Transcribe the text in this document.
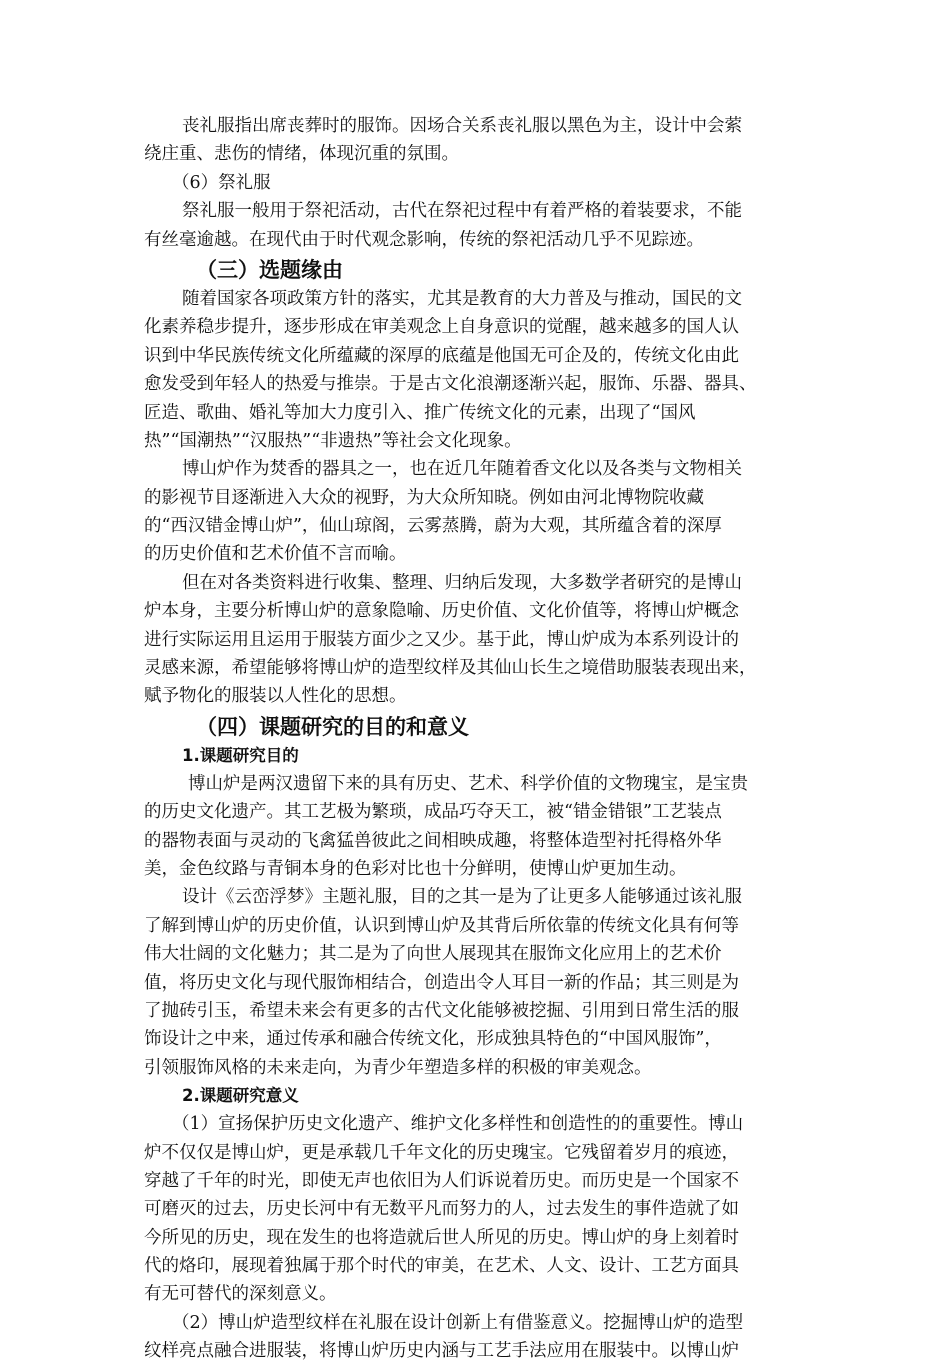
丧礼服指出席丧葬时的服饰。因场合关系丧礼服以黑色为主，设计中会萦
绕庄重、悲伤的情绪，体现沉重的氛围。
（6）祭礼服
祭礼服一般用于祭祀活动，古代在祭祀过程中有着严格的着装要求，不能
有丝毫逾越。在现代由于时代观念影响，传统的祭祀活动几乎不见踪迹。
（三）选题缘由
随着国家各项政策方针的落实，尤其是教育的大力普及与推动，国民的文
化素养稳步提升，逐步形成在审美观念上自身意识的觉醒，越来越多的国人认
识到中华民族传统文化所蕴藏的深厚的底蕴是他国无可企及的，传统文化由此
愈发受到年轻人的热爱与推崇。于是古文化浪潮逐渐兴起，服饰、乐器、器具、
匠造、歌曲、婚礼等加大力度引入、推广传统文化的元素，出现了“国风
热”“国潮热”“汉服热”“非遗热”等社会文化现象。
博山炉作为焚香的器具之一，也在近几年随着香文化以及各类与文物相关
的影视节目逐渐进入大众的视野，为大众所知晓。例如由河北博物院收藏
的“西汉错金博山炉”，仙山琼阁，云雾蒸腾，蔚为大观，其所蕴含着的深厚
的历史价值和艺术价值不言而喻。
但在对各类资料进行收集、整理、归纳后发现，大多数学者研究的是博山
炉本身，主要分析博山炉的意象隐喻、历史价值、文化价值等，将博山炉概念
进行实际运用且运用于服装方面少之又少。基于此，博山炉成为本系列设计的
灵感来源，希望能够将博山炉的造型纹样及其仙山长生之境借助服装表现出来，
赋予物化的服装以人性化的思想。
（四）课题研究的目的和意义
1.课题研究目的
博山炉是两汉遗留下来的具有历史、艺术、科学价值的文物瑰宝，是宝贵
的历史文化遗产。其工艺极为繁琐，成品巧夺天工，被“错金错银”工艺装点
的器物表面与灵动的飞禽猛兽彼此之间相映成趣，将整体造型衬托得格外华
美，金色纹路与青铜本身的色彩对比也十分鲜明，使博山炉更加生动。
设计《云峦浮梦》主题礼服，目的之其一是为了让更多人能够通过该礼服
了解到博山炉的历史价值，认识到博山炉及其背后所依靠的传统文化具有何等
伟大壮阔的文化魅力；其二是为了向世人展现其在服饰文化应用上的艺术价
值，将历史文化与现代服饰相结合，创造出令人耳目一新的作品；其三则是为
了抛砖引玉，希望未来会有更多的古代文化能够被挖掘、引用到日常生活的服
饰设计之中来，通过传承和融合传统文化，形成独具特色的“中国风服饰”，
引领服饰风格的未来走向，为青少年塑造多样的积极的审美观念。
2.课题研究意义
（1）宣扬保护历史文化遗产、维护文化多样性和创造性的的重要性。博山
炉不仅仅是博山炉，更是承载几千年文化的历史瑰宝。它残留着岁月的痕迹，
穿越了千年的时光，即使无声也依旧为人们诉说着历史。而历史是一个国家不
可磨灭的过去，历史长河中有无数平凡而努力的人，过去发生的事件造就了如
今所见的历史，现在发生的也将造就后世人所见的历史。博山炉的身上刻着时
代的烙印，展现着独属于那个时代的审美，在艺术、人文、设计、工艺方面具
有无可替代的深刻意义。
（2）博山炉造型纹样在礼服在设计创新上有借鉴意义。挖掘博山炉的造型
纹样亮点融合进服装，将博山炉历史内涵与工艺手法应用在服装中。以博山炉
